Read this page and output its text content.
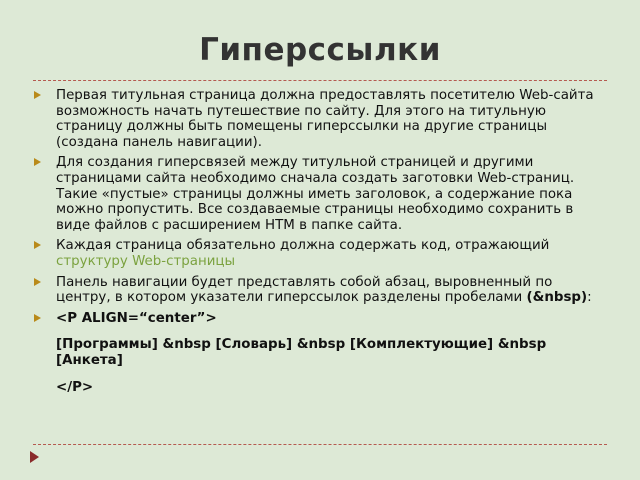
Гиперссылки
Первая титульная страница должна предоставлять посетителю Web-сайта возможность начать путешествие по сайту. Для этого на титульную страницу должны быть помещены гиперссылки на другие страницы (создана панель навигации).
Для создания гиперсвязей между титульной страницей и другими страницами сайта необходимо сначала создать заготовки Web-страниц. Такие «пустые» страницы должны иметь заголовок, а содержание пока можно пропустить. Все создаваемые страницы необходимо сохранить в виде файлов с расширением HTM в папке сайта.
Каждая страница обязательно должна содержать код, отражающий структуру Web-страницы
Панель навигации будет представлять собой абзац, выровненный по центру, в котором указатели гиперссылок разделены пробелами (&nbsp):
<P ALIGN=“center”>
[Программы] &nbsp [Словарь] &nbsp [Комплектующие] &nbsp [Анкета]
</P>
